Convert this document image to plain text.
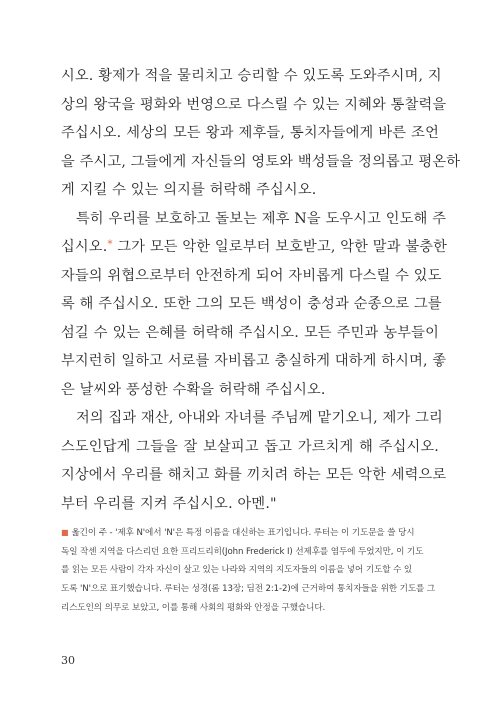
시오. 황제가 적을 물리치고 승리할 수 있도록 도와주시며, 지
상의 왕국을 평화와 번영으로 다스릴 수 있는 지혜와 통찰력을
주십시오. 세상의 모든 왕과 제후들, 통치자들에게 바른 조언
을 주시고, 그들에게 자신들의 영토와 백성들을 정의롭고 평온하
게 지킬 수 있는 의지를 허락해 주십시오.
특히 우리를 보호하고 돌보는 제후 N을 도우시고 인도해 주
십시오.* 그가 모든 악한 일로부터 보호받고, 악한 말과 불충한
자들의 위협으로부터 안전하게 되어 자비롭게 다스릴 수 있도
록 해 주십시오. 또한 그의 모든 백성이 충성과 순종으로 그를
섬길 수 있는 은혜를 허락해 주십시오. 모든 주민과 농부들이
부지런히 일하고 서로를 자비롭고 충실하게 대하게 하시며, 좋
은 날씨와 풍성한 수확을 허락해 주십시오.
저의 집과 재산, 아내와 자녀를 주님께 맡기오니, 제가 그리
스도인답게 그들을 잘 보살피고 돕고 가르치게 해 주십시오.
지상에서 우리를 해치고 화를 끼치려 하는 모든 악한 세력으로
부터 우리를 지켜 주십시오. 아멘."
■ 옮긴이 주 - '제후 N'에서 'N'은 특정 이름을 대신하는 표기입니다. 루터는 이 기도문을 쓸 당시
독일 작센 지역을 다스리던 요한 프리드리히(John Frederick I) 선제후를 염두에 두었지만, 이 기도
를 읽는 모든 사람이 각자 자신이 살고 있는 나라와 지역의 지도자들의 이름을 넣어 기도할 수 있
도록 'N'으로 표기했습니다. 루터는 성경(롬 13장; 딤전 2:1-2)에 근거하여 통치자들을 위한 기도를 그
리스도인의 의무로 보았고, 이를 통해 사회의 평화와 안정을 구했습니다.
30
